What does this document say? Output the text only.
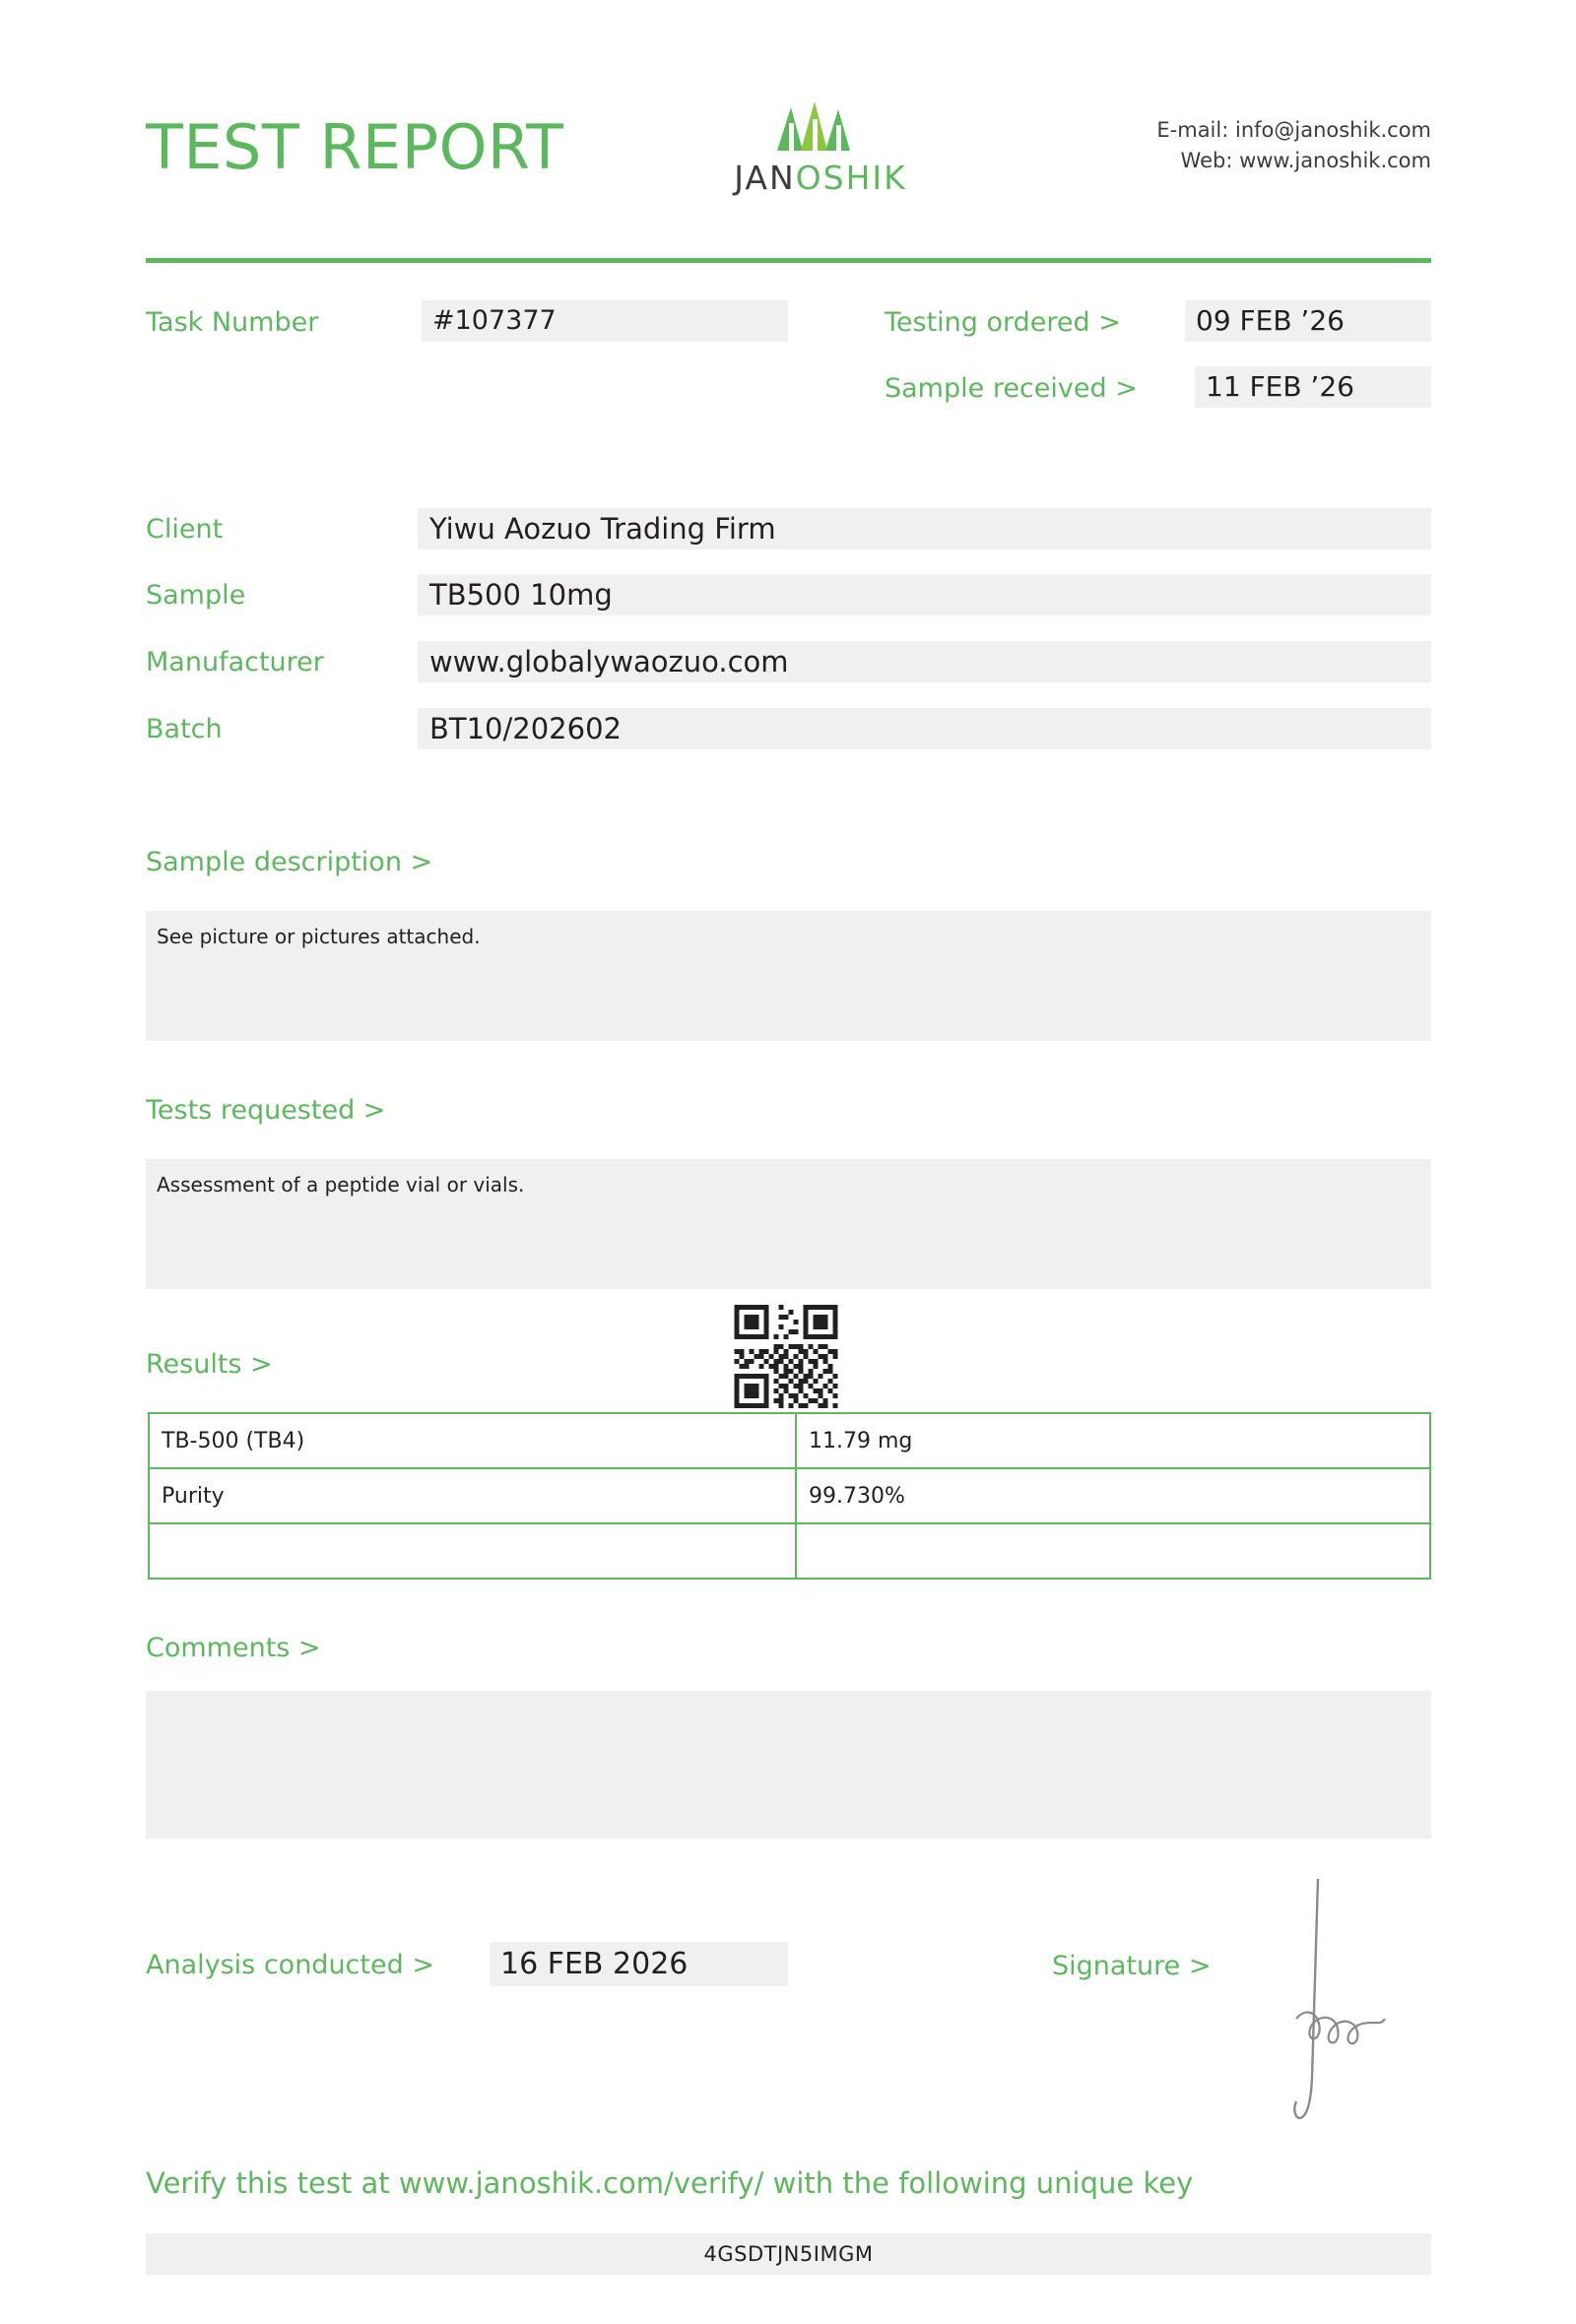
TEST REPORT	JANOSHIK
E-mail: info@janoshik.com
Web: www.janoshik.com
Task Number	#107377	Testing ordered >	09 FEB ’26
Sample received >	11 FEB ’26
Client	Yiwu Aozuo Trading Firm
Sample	TB500 10mg
Manufacturer	www.globalywaozuo.com
Batch	BT10/202602
Sample description >
See picture or pictures attached.
Tests requested >
Assessment of a peptide vial or vials.
Results >
TB-500 (TB4)	11.79 mg
Purity	99.730%

Comments >
Analysis conducted >	16 FEB 2026	Signature >
Verify this test at www.janoshik.com/verify/ with the following unique key
4GSDTJN5IMGM
